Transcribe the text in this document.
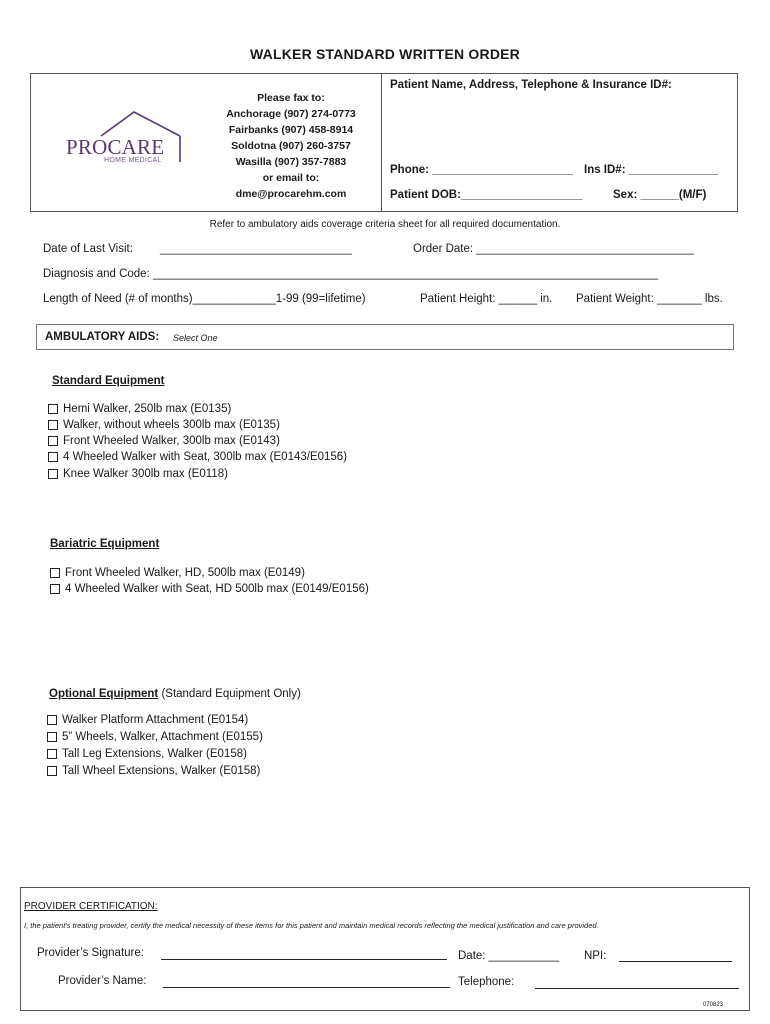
WALKER STANDARD WRITTEN ORDER
PROCARE
HOME MEDICAL
Please fax to:
Anchorage (907) 274-0773
Fairbanks (907) 458-8914
Soldotna (907) 260-3757
Wasilla (907) 357-7883
or email to:
dme@procarehm.com
Patient Name, Address, Telephone & Insurance ID#:
Phone: ______________________ Ins ID#: ______________
Patient DOB:___________________	Sex: ______(M/F)
Refer to ambulatory aids coverage criteria sheet for all required documentation.
Date of Last Visit: ______________________________	Order Date: __________________________________
Diagnosis and Code: _______________________________________________________________________________
Length of Need (# of months)_____________1-99 (99=lifetime)	Patient Height: ______ in. Patient Weight: _______ lbs.
AMBULATORY AIDS: Select One
Standard Equipment
Hemi Walker, 250lb max (E0135)
Walker, without wheels 300lb max (E0135)
Front Wheeled Walker, 300lb max (E0143)
4 Wheeled Walker with Seat, 300lb max (E0143/E0156)
Knee Walker 300lb max (E0118)
Bariatric Equipment
Front Wheeled Walker, HD, 500lb max (E0149)
4 Wheeled Walker with Seat, HD 500lb max (E0149/E0156)
Optional Equipment (Standard Equipment Only)
Walker Platform Attachment (E0154)
5” Wheels, Walker, Attachment (E0155)
Tall Leg Extensions, Walker (E0158)
Tall Wheel Extensions, Walker (E0158)
PROVIDER CERTIFICATION:
I, the patient's treating provider, certify the medical necessity of these items for this patient and maintain medical records reflecting the medical justification and care provided.
Provider’s Signature:	Date: ___________ NPI:
Provider’s Name:	Telephone:
070823
